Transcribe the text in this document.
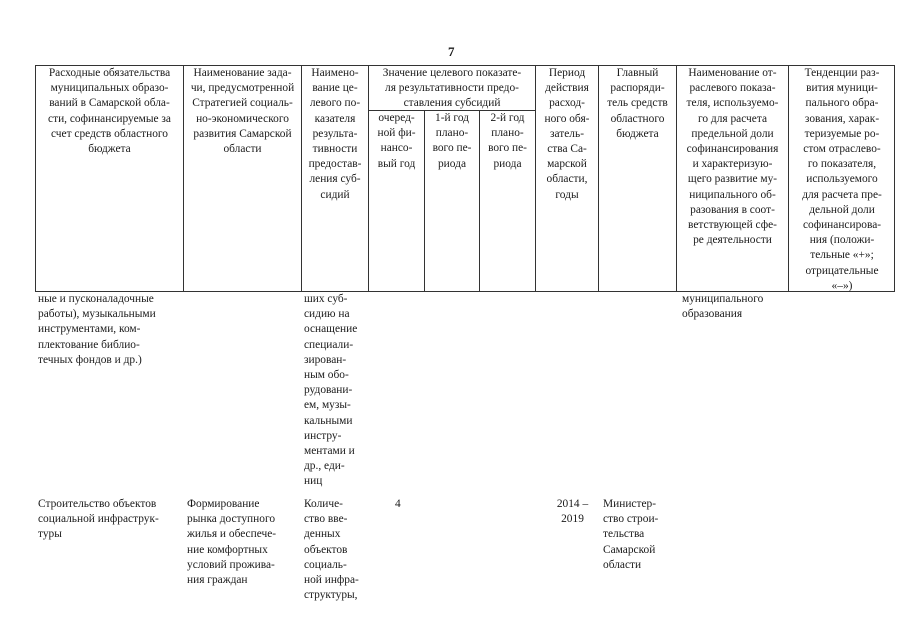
7
Расходные обязательства
муниципальных образо-
ваний в Самарской обла-
сти, софинансируемые за
счет средств областного
бюджета
Наименование зада-
чи, предусмотренной
Стратегией социаль-
но-экономического
развития Самарской
области
Наимено-
вание це-
левого по-
казателя
результа-
тивности
предостав-
ления суб-
сидий
Значение целевого показате-
ля результативности предо-
ставления субсидий
очеред-
ной фи-
нансо-
вый год
1-й год
плано-
вого пе-
риода
2-й год
плано-
вого пе-
риода
Период
действия
расход-
ного обя-
затель-
ства Са-
марской
области,
годы
Главный
распоряди-
тель средств
областного
бюджета
Наименование от-
раслевого показа-
теля, используемо-
го для расчета
предельной доли
софинансирования
и характеризую-
щего развитие му-
ниципального об-
разования в соот-
ветствующей сфе-
ре деятельности
Тенденции раз-
вития муници-
пального обра-
зования, харак-
теризуемые ро-
стом отраслево-
го показателя,
используемого
для расчета пре-
дельной доли
софинансирова-
ния (положи-
тельные «+»;
отрицательные
«–»)
ные и пусконаладочные
работы), музыкальными
инструментами, ком-
плектование библио-
течных фондов и др.)
ших суб-
сидию на
оснащение
специали-
зирован-
ным обо-
рудовани-
ем, музы-
кальными
инстру-
ментами и
др., еди-
ниц
муниципального
образования
Строительство объектов
социальной инфраструк-
туры
Формирование
рынка доступного
жилья и обеспече-
ние комфортных
условий прожива-
ния граждан
Количе-
ство вве-
денных
объектов
социаль-
ной инфра-
структуры,
4	2014 –
2019
Министер-
ство строи-
тельства
Самарской
области
